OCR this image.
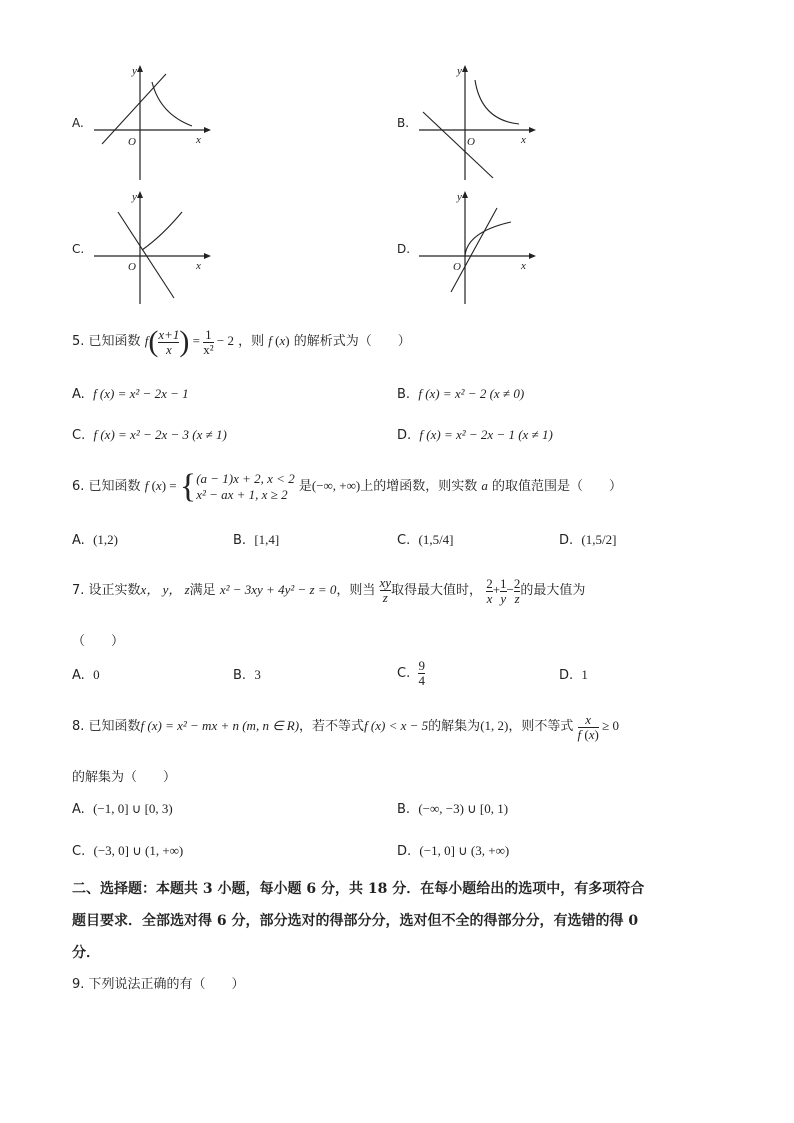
A.	B.
C.	D.
y
x
O
y
x
O
y
x
O
y
x
O
5. 已知函数 $f( \frac{x+1}{x}$ ) = $\frac{1}{\text{x²}} - 2$ ，则 f (x) 的解析式为（　　）
A. f (x) = x² − 2x − 1	B. f (x) = x² − 2 (x ≠ 0)
C. f (x) = x² − 2x − 3 (x ≠ 1)	D. f (x) = x² − 2x − 1 (x ≠ 1)
6. 已知函数 f (x) = { (a − 1)x + 2, x < 2
x² − ax + 1, x ≥ 2
是(−∞, +∞)上的增函数，则实数 a 的取值范围是（　　）
A. (1,2)	B. [1,4]	C. (1,5/4]	D. (1,5/2]
7. 设正实数x， y， z满足 x² − 3xy + 4y² − z = 0，则当 $\frac{xy}{z}$ 取得最大值时， $\frac{2}{x} + \frac{1}{y} - \frac{2}{z}$ 的最大值为
（　　）
A. 0	B. 3	C. $\frac{9}{4}$	D. 1
8. 已知函数f (x) = x² − mx + n (m, n ∈ R)，若不等式f (x) < x − 5的解集为(1, 2)，则不等式 $\frac{x}{f (x)} \ge 0$
的解集为（　　）
A. (−1, 0] ∪ [0, 3)	B. (−∞, −3) ∪ [0, 1)
C. (−3, 0] ∪ (1, +∞)	D. (−1, 0] ∪ (3, +∞)
二、选择题：本题共 3 小题，每小题 6 分，共 18 分．在每小题给出的选项中，有多项符合
题目要求．全部选对得 6 分，部分选对的得部分分，选对但不全的得部分分，有选错的得 0
分．
9. 下列说法正确的有（　　）
